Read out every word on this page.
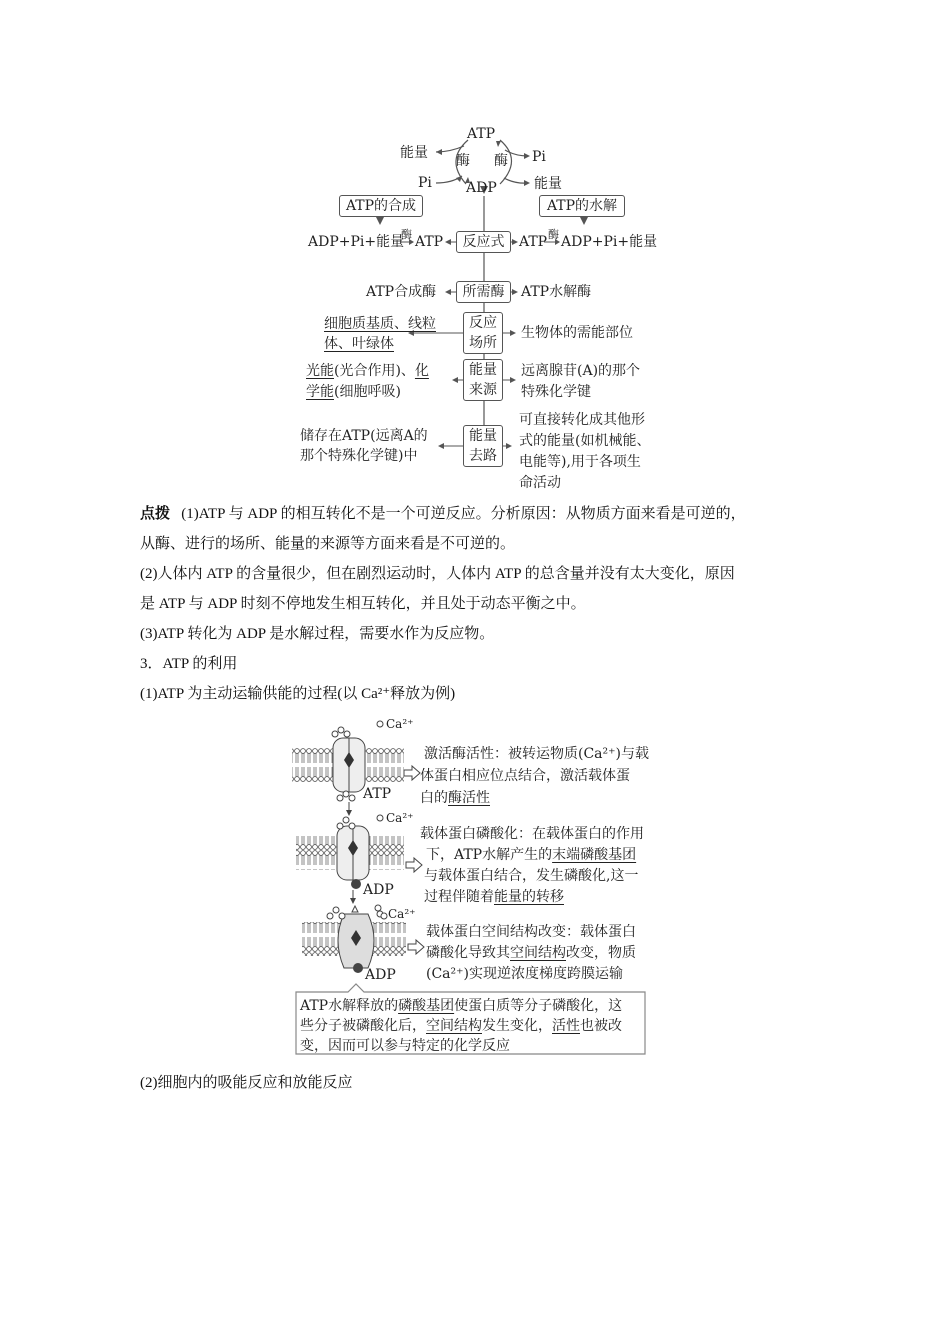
ATP
ADP
能量
Pi
Pi
能量
酶 酶
ATP的合成	ATP的水解
ADP+Pi+能量
酶 ATP	反应式	ATP 酶 ADP+Pi+能量
ATP合成酶	所需酶	ATP水解酶
细胞质基质、线粒
体、叶绿体
反应
场所
生物体的需能部位
光能(光合作用)、化
学能(细胞呼吸)
能量
来源
远离腺苷(A)的那个
特殊化学键
储存在ATP(远离A的
那个特殊化学键)中
能量
去路
可直接转化成其他形
式的能量(如机械能、
电能等),用于各项生
命活动
点拨 (1)ATP 与 ADP 的相互转化不是一个可逆反应。分析原因：从物质方面来看是可逆的，
从酶、进行的场所、能量的来源等方面来看是不可逆的。
(2)人体内 ATP 的含量很少，但在剧烈运动时，人体内 ATP 的总含量并没有太大变化，原因
是 ATP 与 ADP 时刻不停地发生相互转化，并且处于动态平衡之中。
(3)ATP 转化为 ADP 是水解过程，需要水作为反应物。
3．ATP 的利用
(1)ATP 为主动运输供能的过程(以 Ca²⁺释放为例)
Ca²⁺
Ca²⁺
Ca²⁺
ATP
ADP
ADP
激活酶活性：被转运物质(Ca²⁺)与载
体蛋白相应位点结合，激活载体蛋
白的酶活性
载体蛋白磷酸化：在载体蛋白的作用
下，ATP水解产生的末端磷酸基团
与载体蛋白结合，发生磷酸化,这一
过程伴随着能量的转移
载体蛋白空间结构改变：载体蛋白
磷酸化导致其空间结构改变，物质
(Ca²⁺)实现逆浓度梯度跨膜运输
ATP水解释放的磷酸基团使蛋白质等分子磷酸化，这
些分子被磷酸化后，空间结构发生变化，活性也被改
变，因而可以参与特定的化学反应
(2)细胞内的吸能反应和放能反应
